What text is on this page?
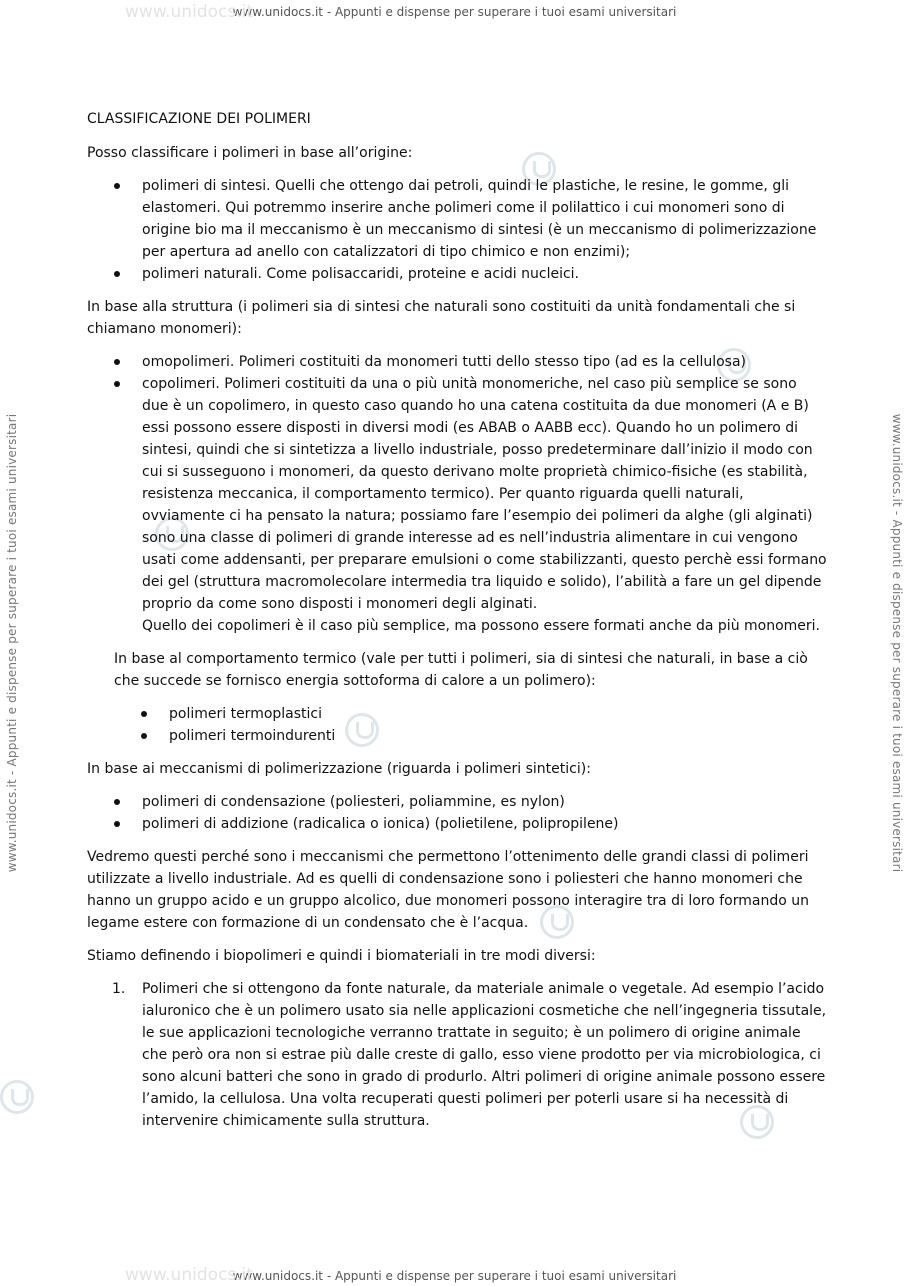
www.unidocs.it - Appunti e dispense per superare i tuoi esami universitari
www.unidocs.it - Appunti e dispense per superare i tuoi esami universitari
www.unidocs.it - Appunti e dispense per superare i tuoi esami universitari	www.unidocs.it - Appunti e dispense per superare i tuoi esami universitari
www.unidocs.it
www.unidocs.it

CLASSIFICAZIONE DEI POLIMERI

Posso classificare i polimeri in base all’origine:

polimeri di sintesi. Quelli che ottengo dai petroli, quindi le plastiche, le resine, le gomme, gli elastomeri. Qui potremmo inserire anche polimeri come il polilattico i cui monomeri sono di origine bio ma il meccanismo è un meccanismo di sintesi (è un meccanismo di polimerizzazione per apertura ad anello con catalizzatori di tipo chimico e non enzimi);
polimeri naturali. Come polisaccaridi, proteine e acidi nucleici.

In base alla struttura (i polimeri sia di sintesi che naturali sono costituiti da unità fondamentali che si chiamano monomeri):

omopolimeri. Polimeri costituiti da monomeri tutti dello stesso tipo (ad es la cellulosa)
copolimeri. Polimeri costituiti da una o più unità monomeriche, nel caso più semplice se sono due è un copolimero, in questo caso quando ho una catena costituita da due monomeri (A e B) essi possono essere disposti in diversi modi (es ABAB o AABB ecc). Quando ho un polimero di sintesi, quindi che si sintetizza a livello industriale, posso predeterminare dall’inizio il modo con cui si susseguono i monomeri, da questo derivano molte proprietà chimico-fisiche (es stabilità, resistenza meccanica, il comportamento termico). Per quanto riguarda quelli naturali, ovviamente ci ha pensato la natura; possiamo fare l’esempio dei polimeri da alghe (gli alginati) sono una classe di polimeri di grande interesse ad es nell’industria alimentare in cui vengono usati come addensanti, per preparare emulsioni o come stabilizzanti, questo perchè essi formano dei gel (struttura macromolecolare intermedia tra liquido e solido), l’abilità a fare un gel dipende proprio da come sono disposti i monomeri degli alginati.
Quello dei copolimeri è il caso più semplice, ma possono essere formati anche da più monomeri.

In base al comportamento termico (vale per tutti i polimeri, sia di sintesi che naturali, in base a ciò che succede se fornisco energia sottoforma di calore a un polimero):

polimeri termoplastici
polimeri termoindurenti

In base ai meccanismi di polimerizzazione (riguarda i polimeri sintetici):

polimeri di condensazione (poliesteri, poliammine, es nylon)
polimeri di addizione (radicalica o ionica) (polietilene, polipropilene)

Vedremo questi perché sono i meccanismi che permettono l’ottenimento delle grandi classi di polimeri utilizzate a livello industriale. Ad es quelli di condensazione sono i poliesteri che hanno monomeri che hanno un gruppo acido e un gruppo alcolico, due monomeri possono interagire tra di loro formando un legame estere con formazione di un condensato che è l’acqua.

Stiamo definendo i biopolimeri e quindi i biomateriali in tre modi diversi:

Polimeri che si ottengono da fonte naturale, da materiale animale o vegetale. Ad esempio l’acido ialuronico che è un polimero usato sia nelle applicazioni cosmetiche che nell’ingegneria tissutale, le sue applicazioni tecnologiche verranno trattate in seguito; è un polimero di origine animale che però ora non si estrae più dalle creste di gallo, esso viene prodotto per via microbiologica, ci sono alcuni batteri che sono in grado di produrlo. Altri polimeri di origine animale possono essere l’amido, la cellulosa. Una volta recuperati questi polimeri per poterli usare si ha necessità di intervenire chimicamente sulla struttura.
